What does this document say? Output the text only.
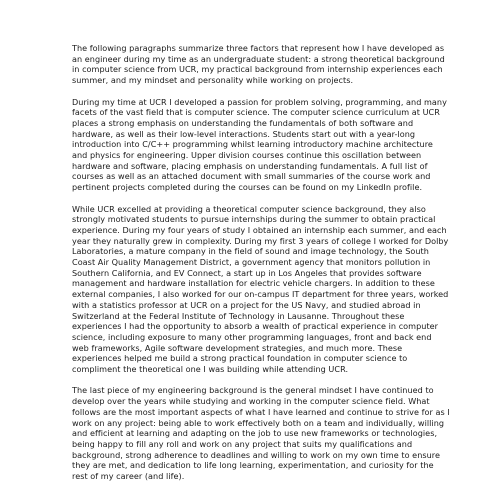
The following paragraphs summarize three factors that represent how I have developed as an engineer during my time as an undergraduate student: a strong theoretical background in computer science from UCR, my practical background from internship experiences each summer, and my mindset and personality while working on projects.

During my time at UCR I developed a passion for problem solving, programming, and many facets of the vast field that is computer science. The computer science curriculum at UCR places a strong emphasis on understanding the fundamentals of both software and hardware, as well as their low-level interactions. Students start out with a year-long introduction into C/C++ programming whilst learning introductory machine architecture and physics for engineering. Upper division courses continue this oscillation between hardware and software, placing emphasis on understanding fundamentals. A full list of courses as well as an attached document with small summaries of the course work and pertinent projects completed during the courses can be found on my LinkedIn profile.

While UCR excelled at providing a theoretical computer science background, they also strongly motivated students to pursue internships during the summer to obtain practical experience. During my four years of study I obtained an internship each summer, and each year they naturally grew in complexity. During my first 3 years of college I worked for Dolby Laboratories, a mature company in the field of sound and image technology, the South Coast Air Quality Management District, a government agency that monitors pollution in Southern California, and EV Connect, a start up in Los Angeles that provides software management and hardware installation for electric vehicle chargers. In addition to these external companies, I also worked for our on-campus IT department for three years, worked with a statistics professor at UCR on a project for the US Navy, and studied abroad in Switzerland at the Federal Institute of Technology in Lausanne. Throughout these experiences I had the opportunity to absorb a wealth of practical experience in computer science, including exposure to many other programming languages, front and back end web frameworks, Agile software development strategies, and much more. These experiences helped me build a strong practical foundation in computer science to compliment the theoretical one I was building while attending UCR.

The last piece of my engineering background is the general mindset I have continued to develop over the years while studying and working in the computer science field. What follows are the most important aspects of what I have learned and continue to strive for as I work on any project: being able to work effectively both on a team and individually, willing and efficient at learning and adapting on the job to use new frameworks or technologies, being happy to fill any roll and work on any project that suits my qualifications and background, strong adherence to deadlines and willing to work on my own time to ensure they are met, and dedication to life long learning, experimentation, and curiosity for the rest of my career (and life).
